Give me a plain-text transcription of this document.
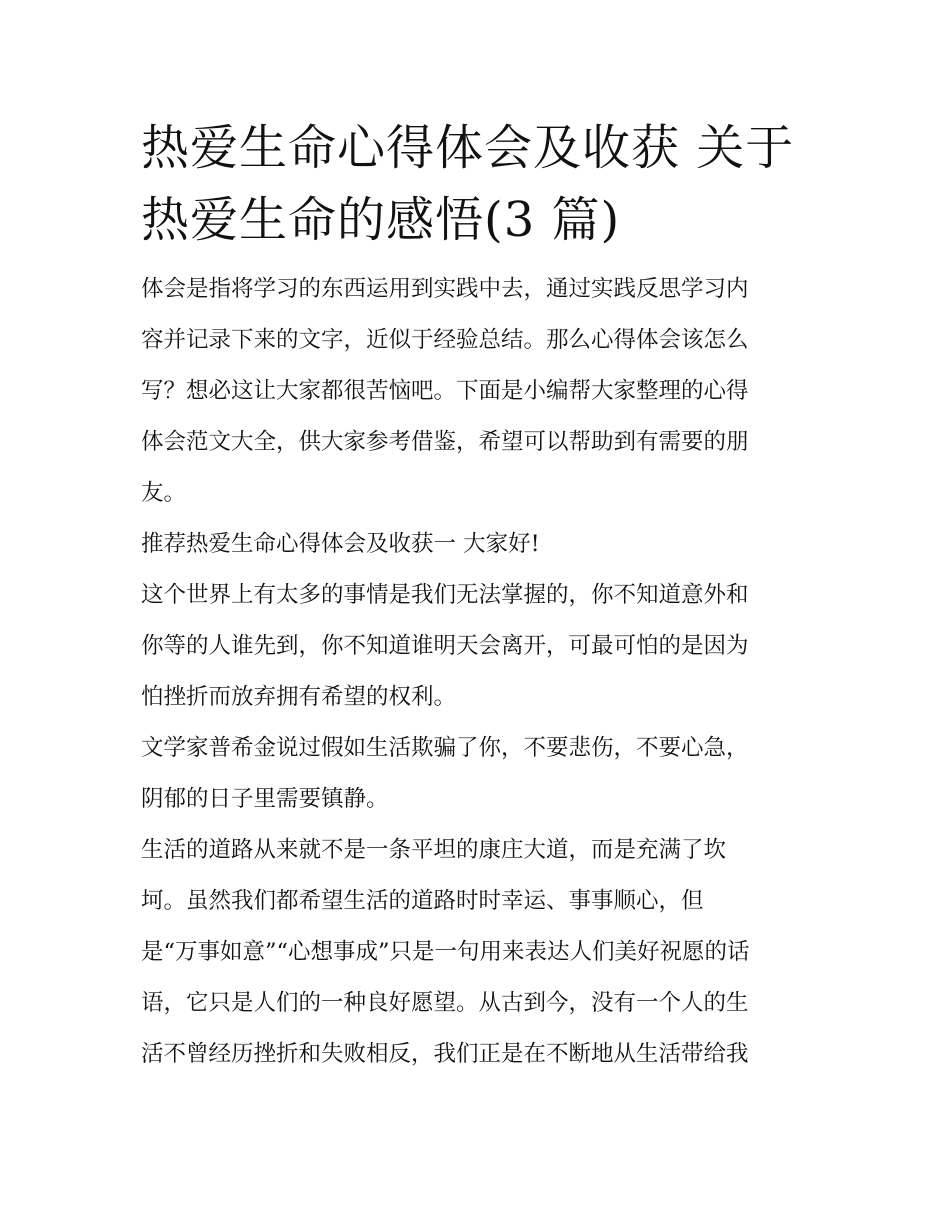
热爱生命心得体会及收获 关于
热爱生命的感悟(3 篇)
体会是指将学习的东西运用到实践中去，通过实践反思学习内
容并记录下来的文字，近似于经验总结。那么心得体会该怎么
写？想必这让大家都很苦恼吧。下面是小编帮大家整理的心得
体会范文大全，供大家参考借鉴，希望可以帮助到有需要的朋
友。
推荐热爱生命心得体会及收获一 大家好!
这个世界上有太多的事情是我们无法掌握的，你不知道意外和
你等的人谁先到，你不知道谁明天会离开，可最可怕的是因为
怕挫折而放弃拥有希望的权利。
文学家普希金说过假如生活欺骗了你，不要悲伤，不要心急，
阴郁的日子里需要镇静。
生活的道路从来就不是一条平坦的康庄大道，而是充满了坎
坷。虽然我们都希望生活的道路时时幸运、事事顺心，但
是“万事如意”“心想事成”只是一句用来表达人们美好祝愿的话
语，它只是人们的一种良好愿望。从古到今，没有一个人的生
活不曾经历挫折和失败相反，我们正是在不断地从生活带给我
